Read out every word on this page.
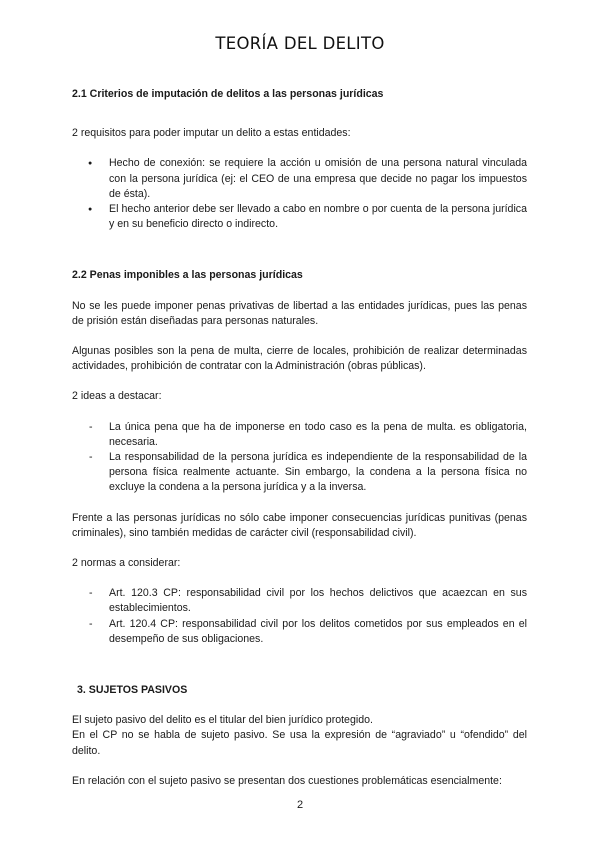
TEORÍA DEL DELITO

2.1 Criterios de imputación de delitos a las personas jurídicas

2 requisitos para poder imputar un delito a estas entidades:

● Hecho de conexión: se requiere la acción u omisión de una persona natural vinculada con la persona jurídica (ej: el CEO de una empresa que decide no pagar los impuestos de ésta).
● El hecho anterior debe ser llevado a cabo en nombre o por cuenta de la persona jurídica y en su beneficio directo o indirecto.

2.2 Penas imponibles a las personas jurídicas

No se les puede imponer penas privativas de libertad a las entidades jurídicas, pues las penas de prisión están diseñadas para personas naturales.

Algunas posibles son la pena de multa, cierre de locales, prohibición de realizar determinadas actividades, prohibición de contratar con la Administración (obras públicas).

2 ideas a destacar:

- La única pena que ha de imponerse en todo caso es la pena de multa. es obligatoria, necesaria.
- La responsabilidad de la persona jurídica es independiente de la responsabilidad de la persona física realmente actuante. Sin embargo, la condena a la persona física no excluye la condena a la persona jurídica y a la inversa.

Frente a las personas jurídicas no sólo cabe imponer consecuencias jurídicas punitivas (penas criminales), sino también medidas de carácter civil (responsabilidad civil).

2 normas a considerar:

- Art. 120.3 CP: responsabilidad civil por los hechos delictivos que acaezcan en sus establecimientos.
- Art. 120.4 CP: responsabilidad civil por los delitos cometidos por sus empleados en el desempeño de sus obligaciones.

3. SUJETOS PASIVOS

El sujeto pasivo del delito es el titular del bien jurídico protegido.

En el CP no se habla de sujeto pasivo. Se usa la expresión de “agraviado” u “ofendido” del delito.

En relación con el sujeto pasivo se presentan dos cuestiones problemáticas esencialmente:

2
